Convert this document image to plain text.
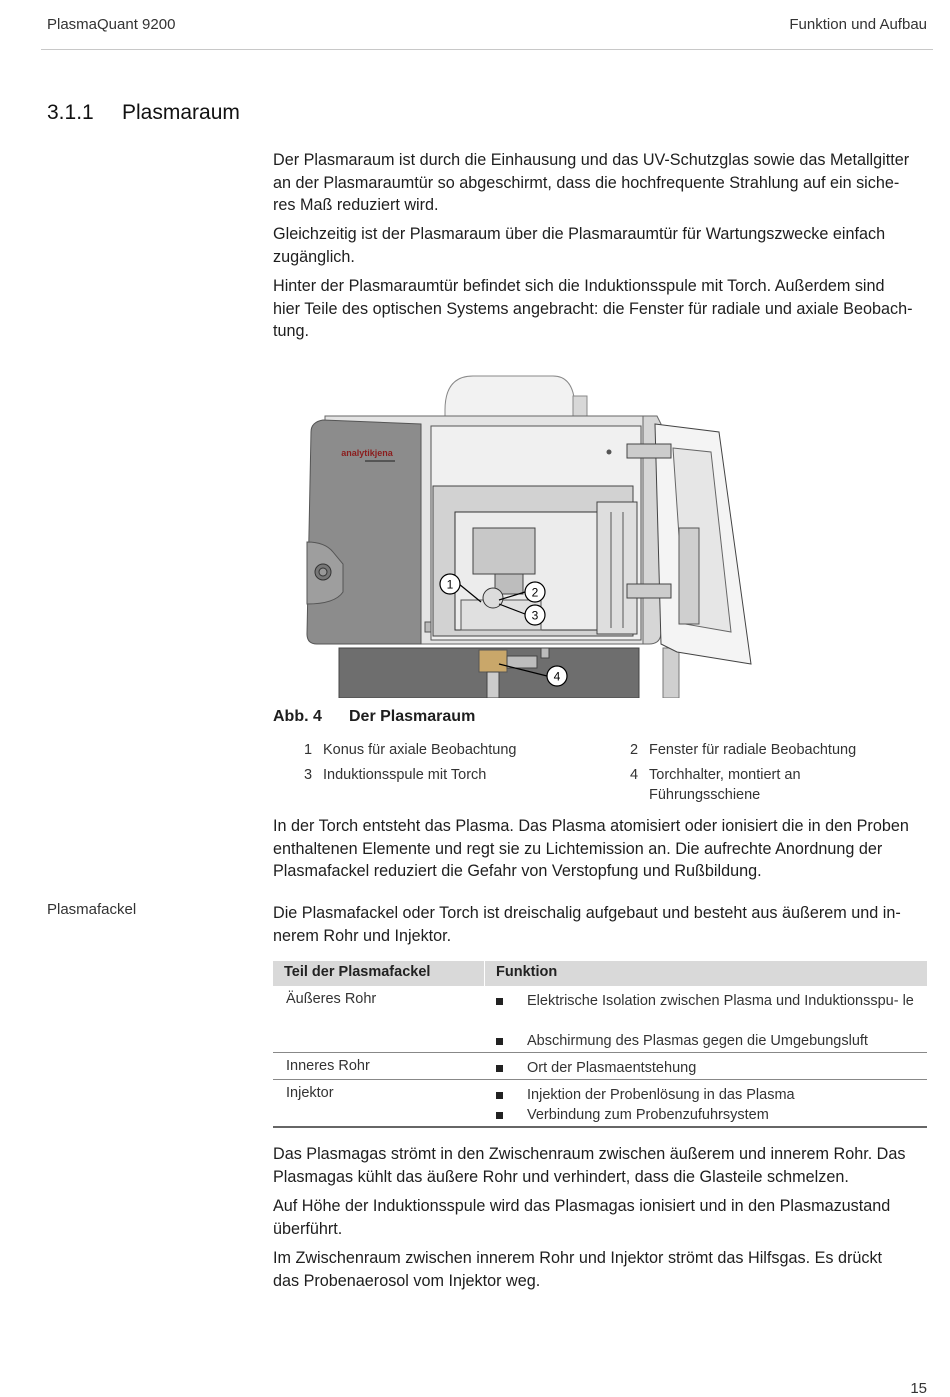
PlasmaQuant 9200	Funktion und Aufbau
3.1.1 Plasmaraum

Der Plasmaraum ist durch die Einhausung und das UV-Schutzglas sowie das Metallgitter

an der Plasmaraumtür so abgeschirmt, dass die hochfrequente Strahlung auf ein siche-

res Maß reduziert wird.

Gleichzeitig ist der Plasmaraum über die Plasmaraumtür für Wartungszwecke einfach

zugänglich.

Hinter der Plasmaraumtür befindet sich die Induktionsspule mit Torch. Außerdem sind

hier Teile des optischen Systems angebracht: die Fenster für radiale und axiale Beobach-

tung.

analytikjena
1
2
3
4
Abb. 4 Der Plasmaraum
1 Konus für axiale Beobachtung	2 Fenster für radiale Beobachtung
3 Induktionsspule mit Torch	4 Torchhalter, montiert an Führungsschiene

In der Torch entsteht das Plasma. Das Plasma atomisiert oder ionisiert die in den Proben

enthaltenen Elemente und regt sie zu Lichtemission an. Die aufrechte Anordnung der

Plasmafackel reduziert die Gefahr von Verstopfung und Rußbildung.

Plasmafackel	Die Plasmafackel oder Torch ist dreischalig aufgebaut und besteht aus äußerem und in-

nerem Rohr und Injektor.

Teil der Plasmafackel	Funktion
Äußeres Rohr	Elektrische Isolation zwischen Plasma und Induktionsspu- le
Abschirmung des Plasmas gegen die Umgebungsluft
Inneres Rohr	Ort der Plasmaentstehung
Injektor	Injektion der Probenlösung in das Plasma
Verbindung zum Probenzufuhrsystem

Das Plasmagas strömt in den Zwischenraum zwischen äußerem und innerem Rohr. Das

Plasmagas kühlt das äußere Rohr und verhindert, dass die Glasteile schmelzen.

Auf Höhe der Induktionsspule wird das Plasmagas ionisiert und in den Plasmazustand

überführt.

Im Zwischenraum zwischen innerem Rohr und Injektor strömt das Hilfsgas. Es drückt

das Probenaerosol vom Injektor weg.

15
